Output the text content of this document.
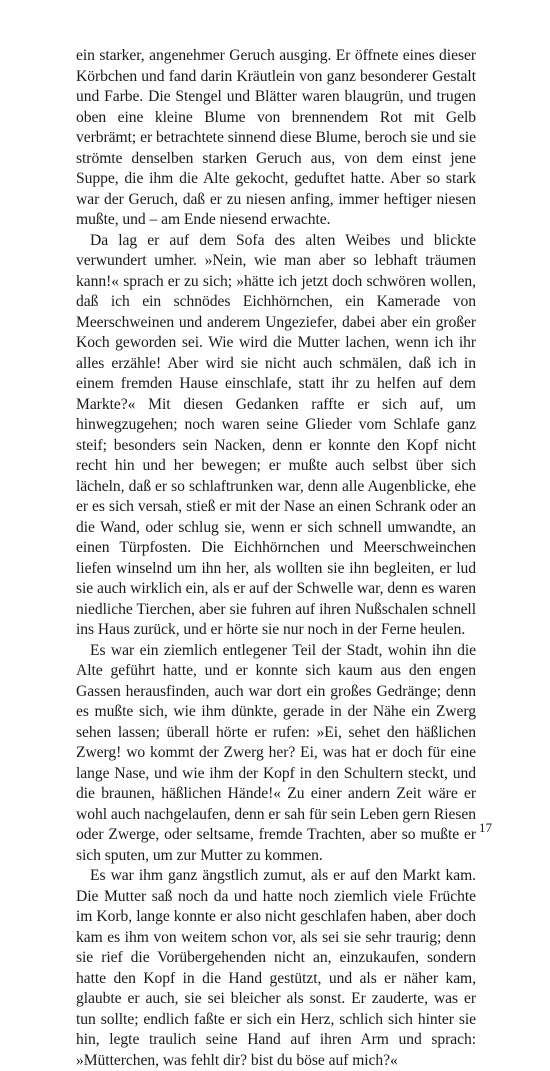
ein starker, angenehmer Geruch ausging. Er öffnete eines dieser Körbchen und fand darin Kräutlein von ganz besonderer Gestalt und Farbe. Die Stengel und Blätter waren blaugrün, und trugen oben eine kleine Blume von brennendem Rot mit Gelb verbrämt; er betrachtete sinnend diese Blume, beroch sie und sie strömte denselben starken Geruch aus, von dem einst jene Suppe, die ihm die Alte gekocht, geduftet hatte. Aber so stark war der Geruch, daß er zu niesen anfing, immer heftiger niesen mußte, und – am Ende niesend erwachte.

Da lag er auf dem Sofa des alten Weibes und blickte verwundert umher. »Nein, wie man aber so lebhaft träumen kann!« sprach er zu sich; »hätte ich jetzt doch schwören wollen, daß ich ein schnödes Eichhörnchen, ein Kamerade von Meerschweinen und anderem Ungeziefer, dabei aber ein großer Koch geworden sei. Wie wird die Mutter lachen, wenn ich ihr alles erzähle! Aber wird sie nicht auch schmälen, daß ich in einem fremden Hause einschlafe, statt ihr zu helfen auf dem Markte?« Mit diesen Gedanken raffte er sich auf, um hinwegzugehen; noch waren seine Glieder vom Schlafe ganz steif; besonders sein Nacken, denn er konnte den Kopf nicht recht hin und her bewegen; er mußte auch selbst über sich lächeln, daß er so schlaftrunken war, denn alle Augenblicke, ehe er es sich versah, stieß er mit der Nase an einen Schrank oder an die Wand, oder schlug sie, wenn er sich schnell umwandte, an einen Türpfosten. Die Eichhörnchen und Meerschweinchen liefen winselnd um ihn her, als wollten sie ihn begleiten, er lud sie auch wirklich ein, als er auf der Schwelle war, denn es waren niedliche Tierchen, aber sie fuhren auf ihren Nußschalen schnell ins Haus zurück, und er hörte sie nur noch in der Ferne heulen.

Es war ein ziemlich entlegener Teil der Stadt, wohin ihn die Alte geführt hatte, und er konnte sich kaum aus den engen Gassen herausfinden, auch war dort ein großes Gedränge; denn es mußte sich, wie ihm dünkte, gerade in der Nähe ein Zwerg sehen lassen; überall hörte er rufen: »Ei, sehet den häßlichen Zwerg! wo kommt der Zwerg her? Ei, was hat er doch für eine lange Nase, und wie ihm der Kopf in den Schultern steckt, und die braunen, häßlichen Hände!« Zu einer andern Zeit wäre er wohl auch nachgelaufen, denn er sah für sein Leben gern Riesen oder Zwerge, oder seltsame, fremde Trachten, aber so mußte er sich sputen, um zur Mutter zu kommen.

Es war ihm ganz ängstlich zumut, als er auf den Markt kam. Die Mutter saß noch da und hatte noch ziemlich viele Früchte im Korb, lange konnte er also nicht geschlafen haben, aber doch kam es ihm von weitem schon vor, als sei sie sehr traurig; denn sie rief die Vorübergehenden nicht an, einzukaufen, sondern hatte den Kopf in die Hand gestützt, und als er näher kam, glaubte er auch, sie sei bleicher als sonst. Er zauderte, was er tun sollte; endlich faßte er sich ein Herz, schlich sich hinter sie hin, legte traulich seine Hand auf ihren Arm und sprach: »Mütterchen, was fehlt dir? bist du böse auf mich?«

17
